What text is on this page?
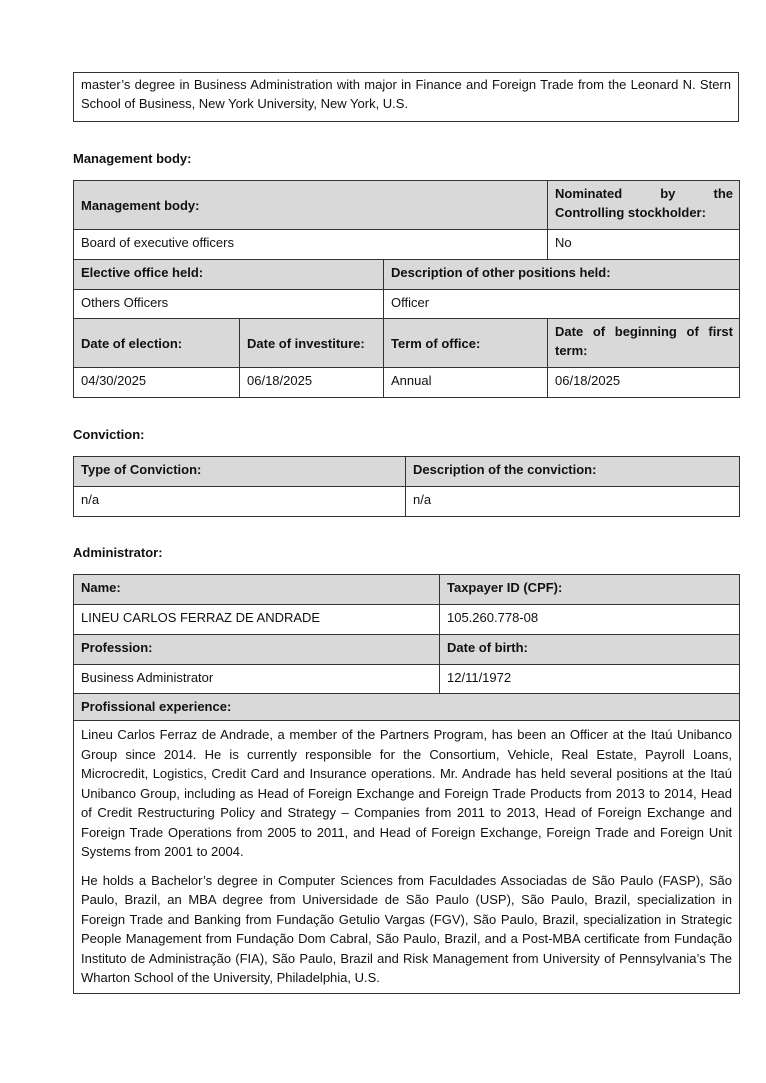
master’s degree in Business Administration with major in Finance and Foreign Trade from the Leonard N. Stern School of Business, New York University, New York, U.S.
Management body:
Management body:			Nominated by the Controlling stockholder:
Board of executive officers			No
Elective office held:		Description of other positions held:	
Others Officers		Officer	
Date of election:	Date of investiture:	Term of office:	Date of beginning of first term:
04/30/2025	06/18/2025	Annual	06/18/2025
Conviction:
Type of Conviction:	Description of the conviction:
n/a	n/a
Administrator:
Name:	Taxpayer ID (CPF):
LINEU CARLOS FERRAZ DE ANDRADE	105.260.778-08
Profession:	Date of birth:
Business Administrator	12/11/1972
Profissional experience:	

Lineu Carlos Ferraz de Andrade, a member of the Partners Program, has been an Officer at the Itaú Unibanco Group since 2014. He is currently responsible for the Consortium, Vehicle, Real Estate, Payroll Loans, Microcredit, Logistics, Credit Card and Insurance operations. Mr. Andrade has held several positions at the Itaú Unibanco Group, including as Head of Foreign Exchange and Foreign Trade Products from 2013 to 2014, Head of Credit Restructuring Policy and Strategy – Companies from 2011 to 2013, Head of Foreign Exchange and Foreign Trade Operations from 2005 to 2011, and Head of Foreign Exchange, Foreign Trade and Foreign Unit Systems from 2001 to 2004.

He holds a Bachelor’s degree in Computer Sciences from Faculdades Associadas de São Paulo (FASP), São Paulo, Brazil, an MBA degree from Universidade de São Paulo (USP), São Paulo, Brazil, specialization in Foreign Trade and Banking from Fundação Getulio Vargas (FGV), São Paulo, Brazil, specialization in Strategic People Management from Fundação Dom Cabral, São Paulo, Brazil, and a Post-MBA certificate from Fundação Instituto de Administração (FIA), São Paulo, Brazil and Risk Management from University of Pennsylvania’s The Wharton School of the University, Philadelphia, U.S.	
